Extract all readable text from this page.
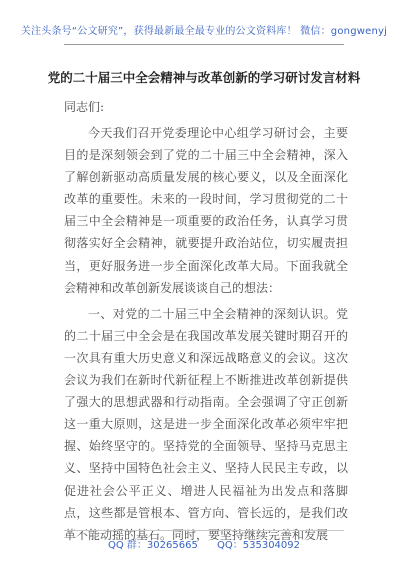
关注头条号“公文研究”，获得最新最全最专业的公文资料库！ 微信：gongwenyj
党的二十届三中全会精神与改革创新的学习研讨发言材料
同志们:

今天我们召开党委理论中心组学习研讨会，主要目的是深刻领会到了党的二十届三中全会精神，深入了解创新驱动高质量发展的核心要义，以及全面深化改革的重要性。未来的一段时间，学习贯彻党的二十届三中全会精神是一项重要的政治任务，认真学习贯彻落实好全会精神，就要提升政治站位，切实履责担当，更好服务进一步全面深化改革大局。下面我就全会精神和改革创新发展谈谈自己的想法：

一、对党的二十届三中全会精神的深刻认识。党的二十届三中全会是在我国改革发展关键时期召开的一次具有重大历史意义和深远战略意义的会议。这次会议为我们在新时代新征程上不断推进改革创新提供了强大的思想武器和行动指南。全会强调了守正创新这一重大原则，这是进一步全面深化改革必须牢牢把握、始终坚守的。坚持党的全面领导、坚持马克思主义、坚持中国特色社会主义、坚持人民民主专政，以促进社会公平正义、增进人民福祉为出发点和落脚点，这些都是管根本、管方向、管长远的，是我们改革不能动摇的基石。同时，要坚持继续完善和发展

QQ 群：30265665 QQ：535304092
